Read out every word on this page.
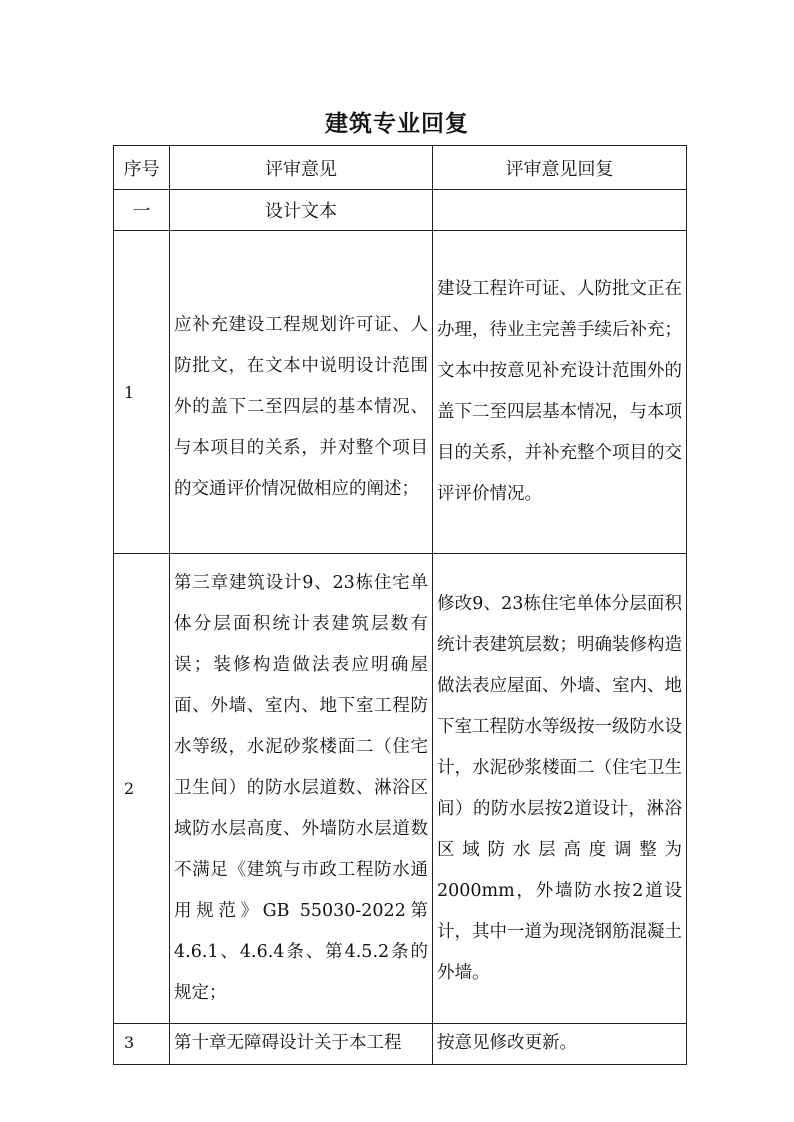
建筑专业回复
序号	评审意见	评审意见回复
一	设计文本	
1	应补充建设工程规划许可证、人防批文，在文本中说明设计范围外的盖下二至四层的基本情况、与本项目的关系，并对整个项目的交通评价情况做相应的阐述；	建设工程许可证、人防批文正在办理，待业主完善手续后补充；文本中按意见补充设计范围外的盖下二至四层基本情况，与本项目的关系，并补充整个项目的交评评价情况。
2	第三章建筑设计9、23栋住宅单体分层面积统计表建筑层数有误；装修构造做法表应明确屋面、外墙、室内、地下室工程防水等级，水泥砂浆楼面二（住宅卫生间）的防水层道数、淋浴区域防水层高度、外墙防水层道数不满足《建筑与市政工程防水通用规范》GB 55030-2022第4.6.1、4.6.4条、第4.5.2条的规定；	修改9、23栋住宅单体分层面积统计表建筑层数；明确装修构造做法表应屋面、外墙、室内、地下室工程防水等级按一级防水设计，水泥砂浆楼面二（住宅卫生间）的防水层按2道设计，淋浴区域防水层高度调整为2000mm，外墙防水按2道设计，其中一道为现浇钢筋混凝土外墙。
3	第十章无障碍设计关于本工程	按意见修改更新。
